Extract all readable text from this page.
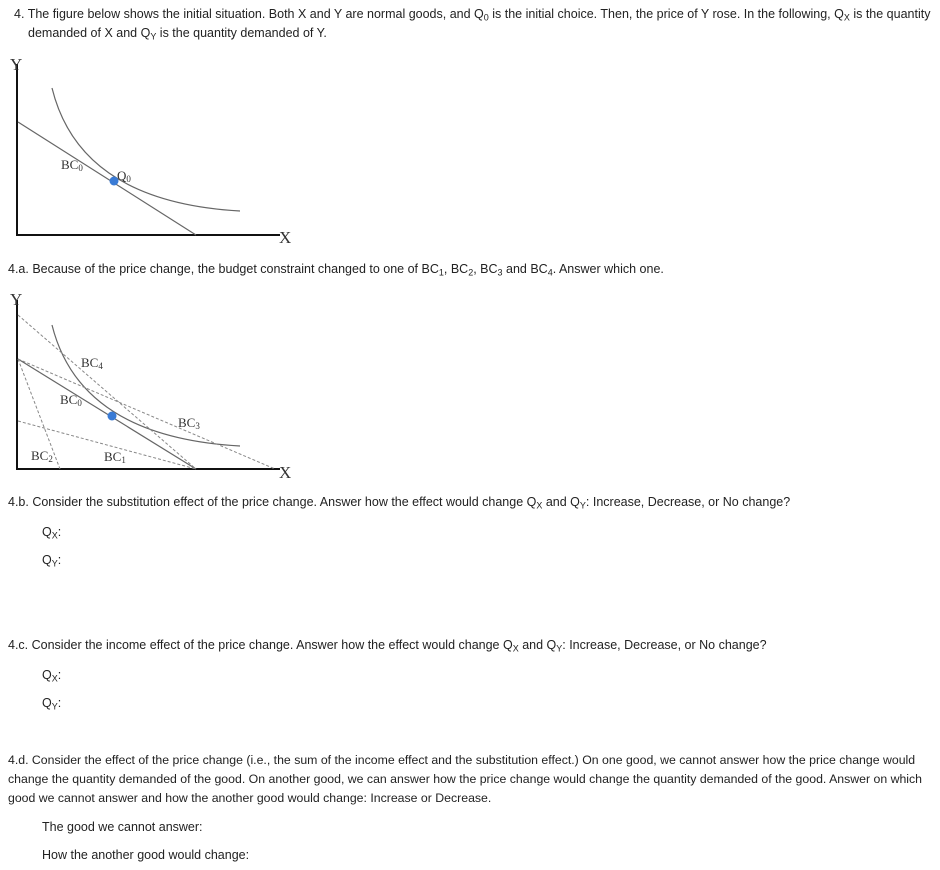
4. The figure below shows the initial situation. Both X and Y are normal goods, and $Q_0$ is the initial choice. Then, the price of Y rose. In the following, $Q_X$ is the quantity
demanded of X and $Q_Y$ is the quantity demanded of Y.
Y
X
BC0	Q0
4.a. Because of the price change, the budget constraint changed to one of $BC_1$, $BC_2$, $BC_3$ and $BC_4$. Answer which one.
Y
X
BC4
BC0
BC3
BC2	BC1
4.b. Consider the substitution effect of the price change. Answer how the effect would change $Q_X$ and $Q_Y$: Increase, Decrease, or No change?
$Q_X$:
$Q_Y$:
4.c. Consider the income effect of the price change. Answer how the effect would change $Q_X$ and $Q_Y$: Increase, Decrease, or No change?
$Q_X$:
$Q_Y$:
4.d. Consider the effect of the price change (i.e., the sum of the income effect and the substitution effect.) On one good, we cannot answer how the price change would
change the quantity demanded of the good. On another good, we can answer how the price change would change the quantity demanded of the good. Answer on which
good we cannot answer and how the another good would change: Increase or Decrease.
The good we cannot answer:
How the another good would change:
